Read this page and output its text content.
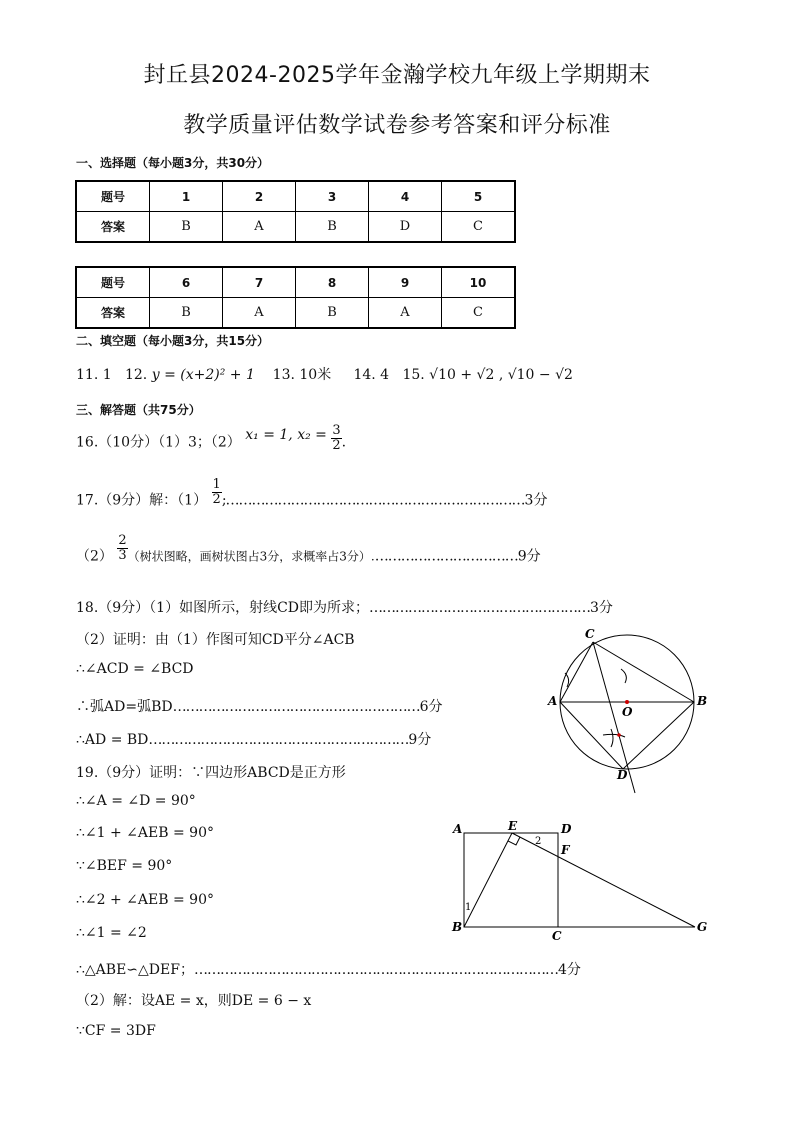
封丘县2024-2025学年金瀚学校九年级上学期期末
教学质量评估数学试卷参考答案和评分标准
一、选择题（每小题3分，共30分）
题号	1	2	3	4	5
答案	B	A	B	D	C
题号	6	7	8	9	10
答案	B	A	B	A	C
二、填空题（每小题3分，共15分）
11. 1 12. y = (x+2)² + 1 13. 10米 14. 4 15. √10 + √2 , √10 − √2
三、解答题（共75分）
16.（10分）（1）3；（2） x₁ = 1, $x_2 = \frac{3}{2}$ .
17.（9分）解：$(1) \frac{1}{2}$ ;……………………………………………………………3分
$(2) \frac{2}{3}$ （树状图略，画树状图占3分，求概率占3分）.……………………………9分
18.（9分）（1）如图所示，射线CD即为所求；……………………………………………3分
（2）证明：由（1）作图可知CD平分∠ACB
∴∠ACD = ∠BCD
∴弧AD=弧BD…………………………………………………6分
∴AD = BD……………………………………………………9分
19.（9分）证明：∵四边形ABCD是正方形
∴∠A = ∠D = 90°
∴∠1 + ∠AEB = 90°
∵∠BEF = 90°
∴∠2 + ∠AEB = 90°
∴∠1 = ∠2
∴△ABE∽△DEF；…………………………………………………………………………4分
（2）解：设AE = x，则DE = 6 − x
∵CF = 3DF
C
A
O
B
D
A	E	D
1
2
F
B
C
G
